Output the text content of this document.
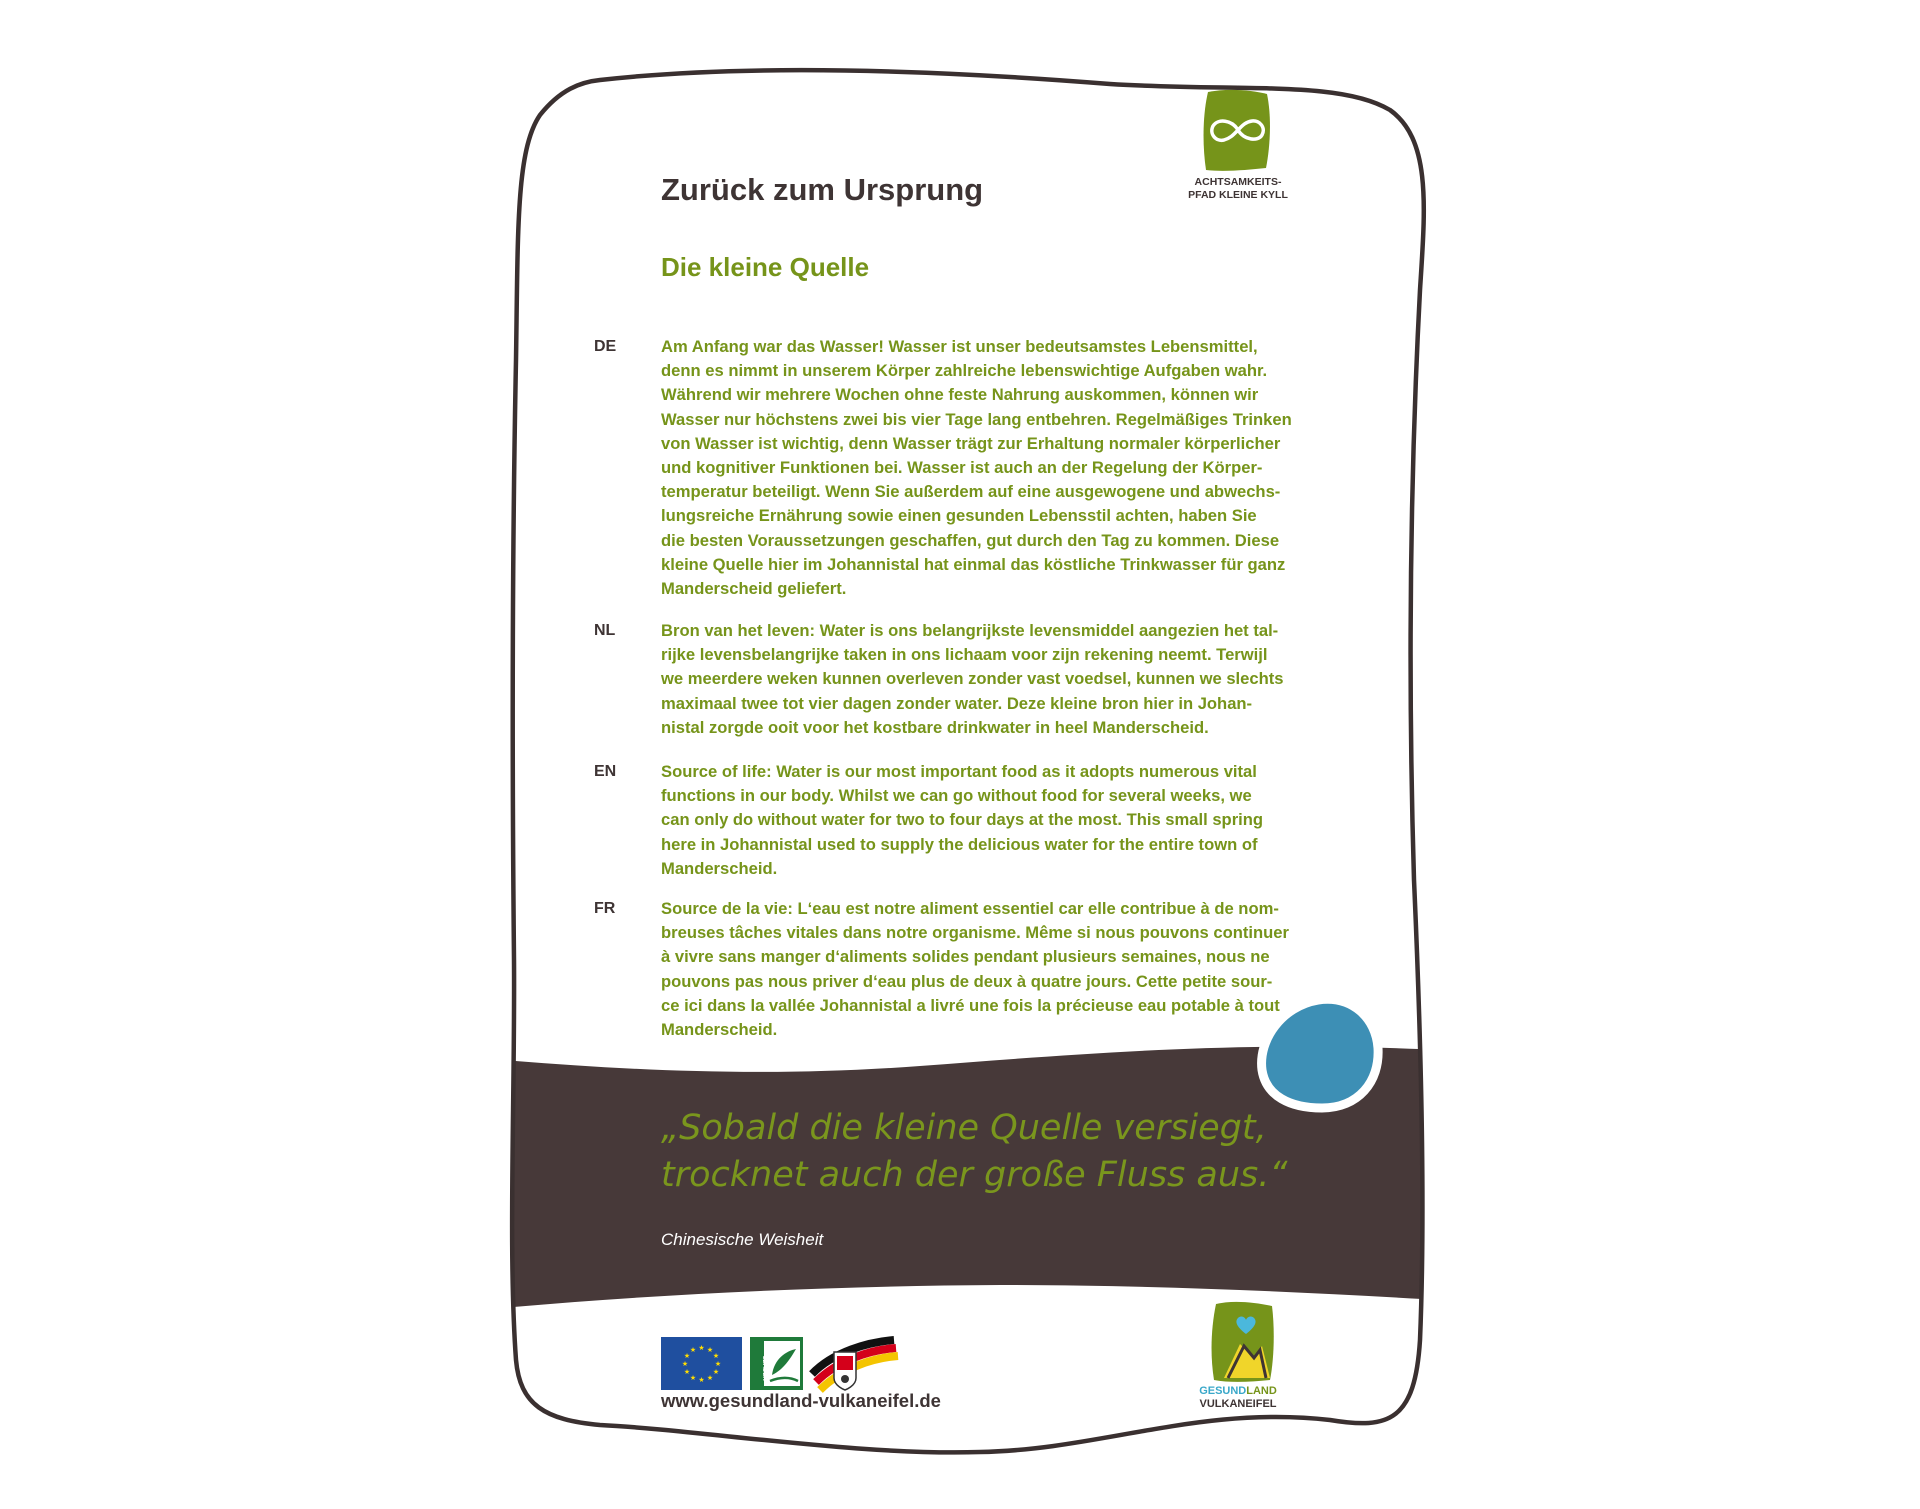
★ ★
★
★
★
★
★
★
★
★
★
★
ACHTSAMKEITS-
PFAD KLEINE KYLL
LEADER
Zurück zum Ursprung
Die kleine Quelle
DE	Am Anfang war das Wasser! Wasser ist unser bedeutsamstes Lebensmittel,
denn es nimmt in unserem Körper zahlreiche lebenswichtige Aufgaben wahr.
Während wir mehrere Wochen ohne feste Nahrung auskommen, können wir
Wasser nur höchstens zwei bis vier Tage lang entbehren. Regelmäßiges Trinken
von Wasser ist wichtig, denn Wasser trägt zur Erhaltung normaler körperlicher
und kognitiver Funktionen bei. Wasser ist auch an der Regelung der Körper-
temperatur beteiligt. Wenn Sie außerdem auf eine ausgewogene und abwechs-
lungsreiche Ernährung sowie einen gesunden Lebensstil achten, haben Sie
die besten Voraussetzungen geschaffen, gut durch den Tag zu kommen. Diese
kleine Quelle hier im Johannistal hat einmal das köstliche Trinkwasser für ganz
Manderscheid geliefert.
NL	Bron van het leven: Water is ons belangrijkste levensmiddel aangezien het tal-
rijke levensbelangrijke taken in ons lichaam voor zijn rekening neemt. Terwijl
we meerdere weken kunnen overleven zonder vast voedsel, kunnen we slechts
maximaal twee tot vier dagen zonder water. Deze kleine bron hier in Johan-
nistal zorgde ooit voor het kostbare drinkwater in heel Manderscheid.
EN	Source of life: Water is our most important food as it adopts numerous vital
functions in our body. Whilst we can go without food for several weeks, we
can only do without water for two to four days at the most. This small spring
here in Johannistal used to supply the delicious water for the entire town of
Manderscheid.
FR	Source de la vie: L‘eau est notre aliment essentiel car elle contribue à de nom-
breuses tâches vitales dans notre organisme. Même si nous pouvons continuer
à vivre sans manger d‘aliments solides pendant plusieurs semaines, nous ne
pouvons pas nous priver d‘eau plus de deux à quatre jours. Cette petite sour-
ce ici dans la vallée Johannistal a livré une fois la précieuse eau potable à tout
Manderscheid.
„Sobald die kleine Quelle versiegt,
trocknet auch der große Fluss aus.“
Chinesische Weisheit
www.gesundland-vulkaneifel.de	GESUNDLAND
VULKANEIFEL
